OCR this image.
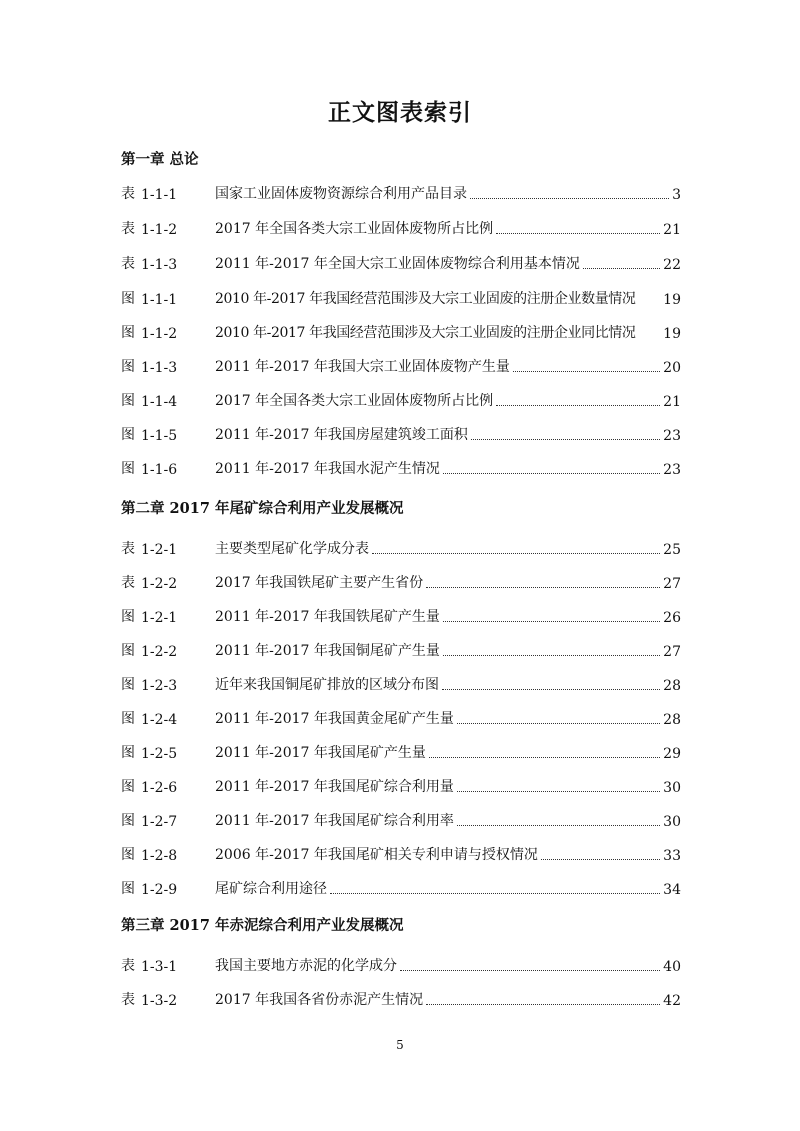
正文图表索引
第一章 总论
表 1-1-1	国家工业固体废物资源综合利用产品目录	3
表 1-1-2	2017 年全国各类大宗工业固体废物所占比例	21
表 1-1-3	2011 年-2017 年全国大宗工业固体废物综合利用基本情况	22
图 1-1-1	2010 年-2017 年我国经营范围涉及大宗工业固废的注册企业数量情况 19
图 1-1-2	2010 年-2017 年我国经营范围涉及大宗工业固废的注册企业同比情况 19
图 1-1-3	2011 年-2017 年我国大宗工业固体废物产生量	20
图 1-1-4	2017 年全国各类大宗工业固体废物所占比例	21
图 1-1-5	2011 年-2017 年我国房屋建筑竣工面积	23
图 1-1-6	2011 年-2017 年我国水泥产生情况	23
第二章 2017 年尾矿综合利用产业发展概况
表 1-2-1	主要类型尾矿化学成分表	25
表 1-2-2	2017 年我国铁尾矿主要产生省份	27
图 1-2-1	2011 年-2017 年我国铁尾矿产生量	26
图 1-2-2	2011 年-2017 年我国铜尾矿产生量	27
图 1-2-3	近年来我国铜尾矿排放的区域分布图	28
图 1-2-4	2011 年-2017 年我国黄金尾矿产生量	28
图 1-2-5	2011 年-2017 年我国尾矿产生量	29
图 1-2-6	2011 年-2017 年我国尾矿综合利用量	30
图 1-2-7	2011 年-2017 年我国尾矿综合利用率	30
图 1-2-8	2006 年-2017 年我国尾矿相关专利申请与授权情况	33
图 1-2-9	尾矿综合利用途径	34
第三章 2017 年赤泥综合利用产业发展概况
表 1-3-1	我国主要地方赤泥的化学成分	40
表 1-3-2	2017 年我国各省份赤泥产生情况	42
5
